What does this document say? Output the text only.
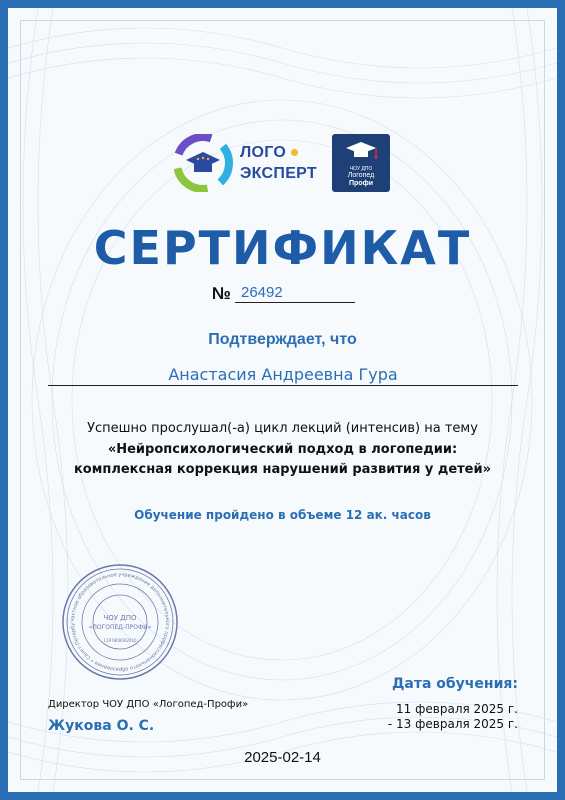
ЛОГО
ЭКСПЕРТ	ЧОУ ДПО
Логопед
Профи
СЕРТИФИКАТ
№ 26492
Подтверждает, что
Анастасия Андреевна Гура
Успешно прослушал(-а) цикл лекций (интенсив) на тему
«Нейропсихологический подход в логопедии:
комплексная коррекция нарушений развития у детей»
Обучение пройдено в объеме 12 ак. часов
Частное образовательное учреждение дополнительного профессионального образования • Санкт-Петербу
ЧОУ ДПО
«ЛОГОПЕД-ПРОФИ»
1197800002610
Дата обучения:
11 февраля 2025 г.
- 13 февраля 2025 г.
Директор ЧОУ ДПО «Логопед-Профи»
Жукова О. С.
2025-02-14
